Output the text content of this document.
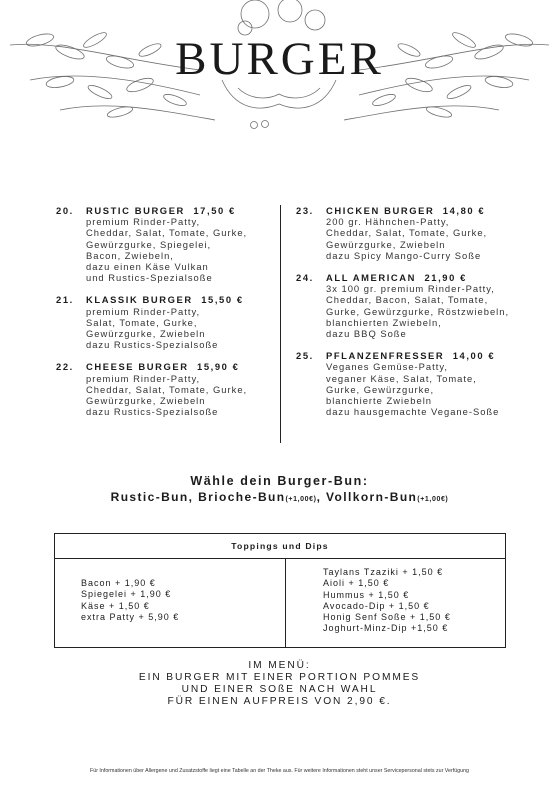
BURGER
20. RUSTIC BURGER 17,50 €
premium Rinder-Patty,
Cheddar, Salat, Tomate, Gurke,
Gewürzgurke, Spiegelei,
Bacon, Zwiebeln,
dazu einen Käse Vulkan
und Rustics-Spezialsoße
21. KLASSIK BURGER 15,50 €
premium Rinder-Patty,
Salat, Tomate, Gurke,
Gewürzgurke, Zwiebeln
dazu Rustics-Spezialsoße
22. CHEESE BURGER 15,90 €
premium Rinder-Patty,
Cheddar, Salat, Tomate, Gurke,
Gewürzgurke, Zwiebeln
dazu Rustics-Spezialsoße
23. CHICKEN BURGER 14,80 €
200 gr. Hähnchen-Patty,
Cheddar, Salat, Tomate, Gurke,
Gewürzgurke, Zwiebeln
dazu Spicy Mango-Curry Soße
24. ALL AMERICAN 21,90 €
3x 100 gr. premium Rinder-Patty,
Cheddar, Bacon, Salat, Tomate,
Gurke, Gewürzgurke, Röstzwiebeln,
blanchierten Zwiebeln,
dazu BBQ Soße
25. PFLANZENFRESSER 14,00 €
Veganes Gemüse-Patty,
veganer Käse, Salat, Tomate,
Gurke, Gewürzgurke,
blanchierte Zwiebeln
dazu hausgemachte Vegane-Soße
Wähle dein Burger-Bun:
Rustic-Bun, Brioche-Bun(+1,00€), Vollkorn-Bun(+1,00€)
Toppings und Dips
Bacon + 1,90 €
Spiegelei + 1,90 €
Käse + 1,50 €
extra Patty + 5,90 €
Taylans Tzaziki + 1,50 €
Aioli + 1,50 €
Hummus + 1,50 €
Avocado-Dip + 1,50 €
Honig Senf Soße + 1,50 €
Joghurt-Minz-Dip +1,50 €
IM MENÜ:
EIN BURGER MIT EINER PORTION POMMES
UND EINER SOßE NACH WAHL
FÜR EINEN AUFPREIS VON 2,90 €.
Für Informationen über Allergene und Zusatzstoffe liegt eine Tabelle an der Theke aus. Für weitere Informationen steht unser Servicepersonal stets zur Verfügung
